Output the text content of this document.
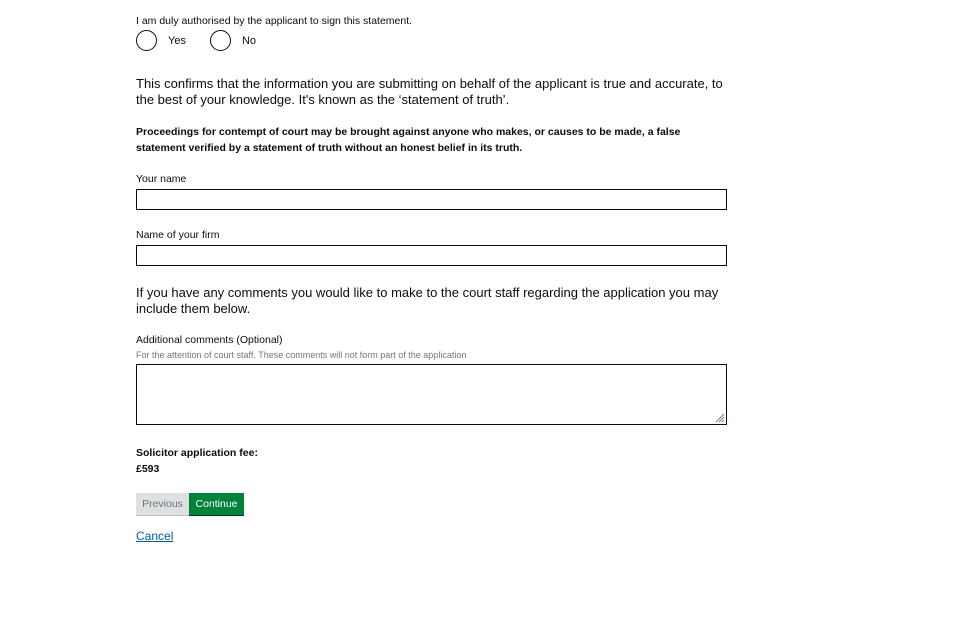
I am duly authorised by the applicant to sign this statement.
Yes	No
This confirms that the information you are submitting on behalf of the applicant is true and accurate, to the best of your knowledge. It's known as the ‘statement of truth’.
Proceedings for contempt of court may be brought against anyone who makes, or causes to be made, a false statement verified by a statement of truth without an honest belief in its truth.
Your name
Name of your firm
If you have any comments you would like to make to the court staff regarding the application you may include them below.
Additional comments (Optional)
For the attention of court staff. These comments will not form part of the application
Solicitor application fee:
£593
Previous	Continue
Cancel
